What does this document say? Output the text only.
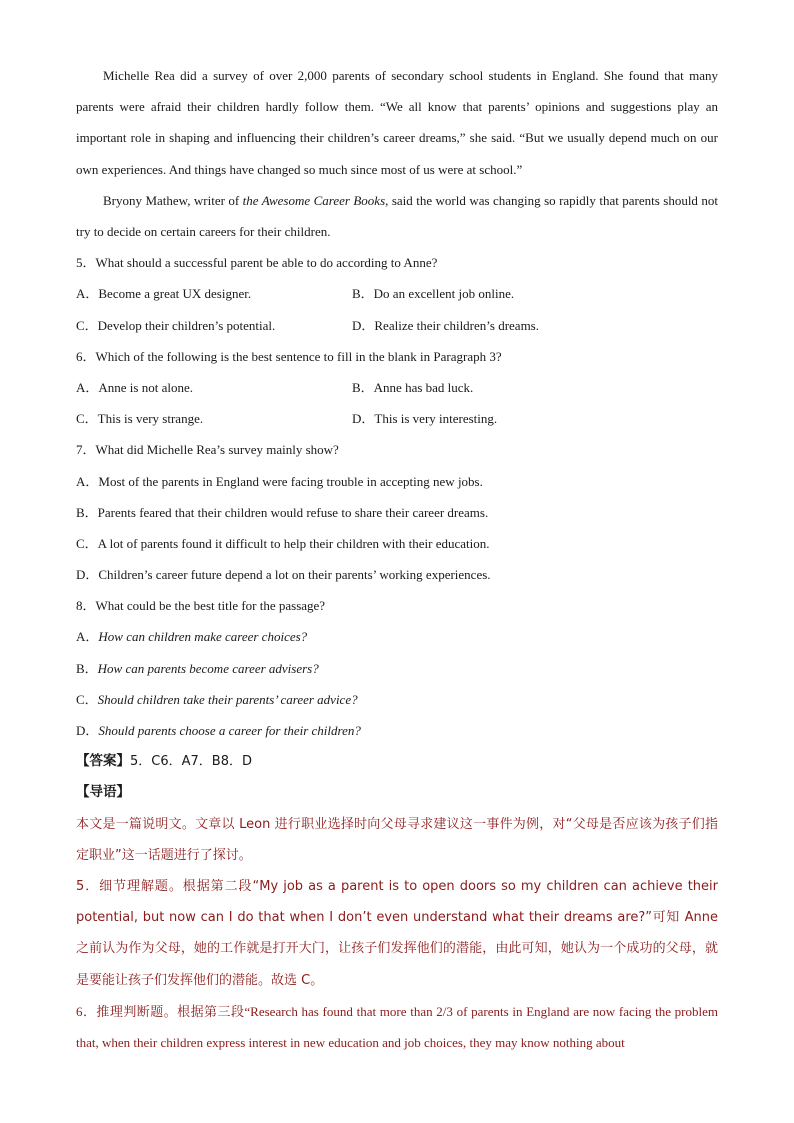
Michelle Rea did a survey of over 2,000 parents of secondary school students in England. She found that many parents were afraid their children hardly follow them. “We all know that parents’ opinions and suggestions play an important role in shaping and influencing their children’s career dreams,” she said. “But we usually depend much on our own experiences. And things have changed so much since most of us were at school.”

Bryony Mathew, writer of the Awesome Career Books, said the world was changing so rapidly that parents should not try to decide on certain careers for their children.

5．What should a successful parent be able to do according to Anne?
A．Become a great UX designer.	B．Do an excellent job online.
C．Develop their children’s potential.	D．Realize their children’s dreams.
6．Which of the following is the best sentence to fill in the blank in Paragraph 3?
A．Anne is not alone.	B．Anne has bad luck.
C．This is very strange.	D．This is very interesting.
7．What did Michelle Rea’s survey mainly show?
A．Most of the parents in England were facing trouble in accepting new jobs.
B．Parents feared that their children would refuse to share their career dreams.
C．A lot of parents found it difficult to help their children with their education.
D．Children’s career future depend a lot on their parents’ working experiences.
8．What could be the best title for the passage?
A．How can children make career choices?
B．How can parents become career advisers?
C．Should children take their parents’ career advice?
D．Should parents choose a career for their children?
【答案】5．C6．A7．B8．D
【导语】

本文是一篇说明文。文章以 Leon 进行职业选择时向父母寻求建议这一事件为例，对“父母是否应该为孩子们指定职业”这一话题进行了探讨。

5．细节理解题。根据第二段“My job as a parent is to open doors so my children can achieve their potential, but now can I do that when I don’t even understand what their dreams are?”可知 Anne 之前认为作为父母，她的工作就是打开大门，让孩子们发挥他们的潜能，由此可知，她认为一个成功的父母，就是要能让孩子们发挥他们的潜能。故选 C。

6．推理判断题。根据第三段“Research has found that more than 2/3 of parents in England are now facing the problem that, when their children express interest in new education and job choices, they may know nothing about
